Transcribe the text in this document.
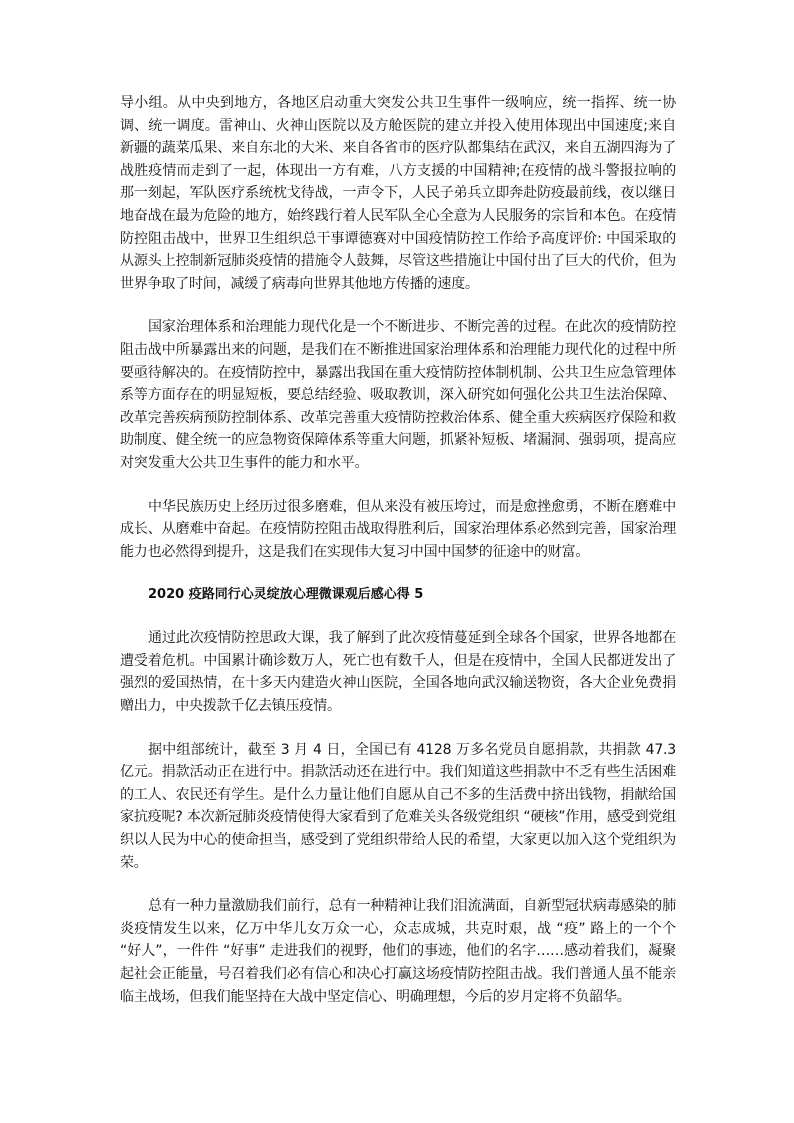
导小组。从中央到地方，各地区启动重大突发公共卫生事件一级响应，统一指挥、统一协调、统一调度。雷神山、火神山医院以及方舱医院的建立并投入使用体现出中国速度;来自新疆的蔬菜瓜果、来自东北的大米、来自各省市的医疗队都集结在武汉，来自五湖四海为了战胜疫情而走到了一起，体现出一方有难，八方支援的中国精神;在疫情的战斗警报拉响的那一刻起，军队医疗系统枕戈待战，一声令下，人民子弟兵立即奔赴防疫最前线，夜以继日地奋战在最为危险的地方，始终践行着人民军队全心全意为人民服务的宗旨和本色。在疫情防控阻击战中，世界卫生组织总干事谭德赛对中国疫情防控工作给予高度评价: 中国采取的从源头上控制新冠肺炎疫情的措施令人鼓舞，尽管这些措施让中国付出了巨大的代价，但为世界争取了时间，减缓了病毒向世界其他地方传播的速度。

国家治理体系和治理能力现代化是一个不断进步、不断完善的过程。在此次的疫情防控阻击战中所暴露出来的问题，是我们在不断推进国家治理体系和治理能力现代化的过程中所要亟待解决的。在疫情防控中，暴露出我国在重大疫情防控体制机制、公共卫生应急管理体系等方面存在的明显短板，要总结经验、吸取教训，深入研究如何强化公共卫生法治保障、改革完善疾病预防控制体系、改革完善重大疫情防控救治体系、健全重大疾病医疗保险和救助制度、健全统一的应急物资保障体系等重大问题，抓紧补短板、堵漏洞、强弱项，提高应对突发重大公共卫生事件的能力和水平。

中华民族历史上经历过很多磨难，但从来没有被压垮过，而是愈挫愈勇，不断在磨难中成长、从磨难中奋起。在疫情防控阻击战取得胜利后，国家治理体系必然到完善，国家治理能力也必然得到提升，这是我们在实现伟大复习中国中国梦的征途中的财富。

2020 疫路同行心灵绽放心理微课观后感心得 5

通过此次疫情防控思政大课，我了解到了此次疫情蔓延到全球各个国家，世界各地都在遭受着危机。中国累计确诊数万人，死亡也有数千人，但是在疫情中，全国人民都迸发出了强烈的爱国热情，在十多天内建造火神山医院，全国各地向武汉输送物资，各大企业免费捐赠出力，中央拨款千亿去镇压疫情。

据中组部统计，截至 3 月 4 日，全国已有 4128 万多名党员自愿捐款，共捐款 47.3 亿元。捐款活动正在进行中。捐款活动还在进行中。我们知道这些捐款中不乏有些生活困难的工人、农民还有学生。是什么力量让他们自愿从自己不多的生活费中挤出钱物，捐献给国家抗疫呢? 本次新冠肺炎疫情使得大家看到了危难关头各级党组织 “硬核”作用，感受到党组织以人民为中心的使命担当，感受到了党组织带给人民的希望，大家更以加入这个党组织为荣。

总有一种力量激励我们前行，总有一种精神让我们泪流满面，自新型冠状病毒感染的肺炎疫情发生以来，亿万中华儿女万众一心，众志成城，共克时艰，战 “疫” 路上的一个个 “好人”，一件件 “好事” 走进我们的视野，他们的事迹，他们的名字……感动着我们，凝聚起社会正能量，号召着我们必有信心和决心打赢这场疫情防控阻击战。我们普通人虽不能亲临主战场，但我们能坚持在大战中坚定信心、明确理想，今后的岁月定将不负韶华。
